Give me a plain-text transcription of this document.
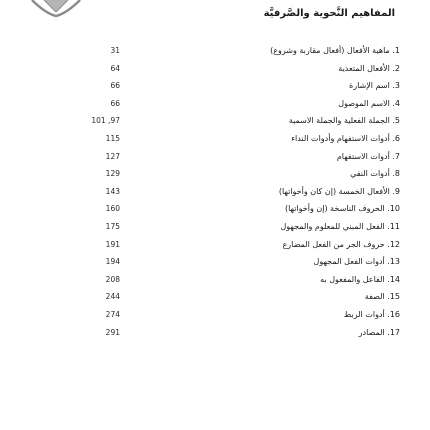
المفاهيم النَّحوية والصَّرفيَّة
31	1. ماهية الأفعال (أفعال مقاربة وشروع)
64	2. الأفعال المتعدية
66	3. اسم الإشارة
66	4. الاسم الموصول
101 ,97	5. الجملة الفعلية والجملة الاسمية
115	6. أدوات الاستفهام وأدوات النداء
127	7. أدوات الاستفهام
129	8. أدوات النفي
143	9. الأفعال الخمسة (إن كان وأخواتها)
160	10. الحروف الناسخة (إن وأخواتها)
175	11. الفعل المبني للمعلوم والمجهول
191	12. حروف الجر من الفعل المضارع
194	13. أدوات الفعل المجهول
208	14. الفاعل والمفعول به
244	15. الصفة
274	16. أدوات الربط
291	17. المصادر
